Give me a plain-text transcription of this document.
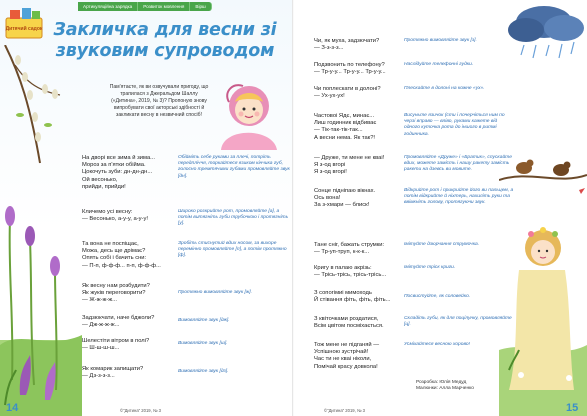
Артикуляційна зарядка	Розвиток мовлення	Вірш
Дитячий садок Закличка для весни зі звуковим супроводом
Пам'ятаєте, як ви озвучували пригоду, що трапилася з Джеральдом Шаллу («Дитина», 2019, № 3)? Пропоную знову випробувати свої акторські здібності й закликати весну в незвичний спосіб!
На дворі все зима й зима...
Мороз за п'ятки обійма.
Цокочуть зуби: дн-дн-дн...
Ой весонько,
прийди, прийди!
Обійміть себе руками за плечі, потріть передпліччя, торкайтеся язиком кінчика губ, голосно тремтячими губами промовляйте звук [дн].
Кличемо усі весну:
— Весонько, а-у-у, а-у-у!
Широко розкрийте рот, промовляйте [а], а потім витягніть губи трубочкою і протягніть [у].
Та вона не поспіщає,
Можа, десь ще дрімає?
Опять собі і бачить сни:
— П-п, ф-ф-ф... п-п, ф-ф-ф...
Зробіть стиснутий вдих носом, за вихоре перемінно промовляйте [п], а потім протяжно [ф].
Як весну нам розбудити?
Як жуків переговорити?
— Ж-ж-ж-ж...
Протяжно вимовляйте звук [ж].
Задзюкчати, наче бджоли?
— Дж-ж-ж-ж...
Вимовляйте звук [дж].
Шелестіти вітром в полі?
— Ш-ш-ш-ш...
Вимовляйте звук [ш].
Як комарик запищати?
— Дз-з-з-з...
Вимовляйте звук [дз].
©"Дитина" 2019, № 3
14
Чи, як муха, задзючати?
— З-з-з-з...
Протяжно вимовляйте звук [з].
Подзвонить по телефону?
— Тр-у-у... Тр-у-у... Тр-у-у...
Наслідуйте телефонні гудки.
Чи поплескати в долоні?
— Ух-ух-ух!
Плескайте в долоні на кожне «ух».
Частовоі Ядє, минає...
Лиш годинник відбиває
— Тік-так-тік-так...
А весни нема. Як так?!
Висуньте язичок (сти і почерчіться ним по черзі вправо — вліво, руками кажете від одного куточка рота до іншого в ритмі годинника.
— Друже, ти мене не кваі!
Я з-од вгорі
Я з-од вгорі!
Промовляйте «Друже» і «Братик», спускайте вдих, можете замість і нашу ракету замість ракети на дзевсь ви мовите.
Сонце підніпаю вікнах.
Ось вона!
За з-хмари — блиск!
Відкрийте рот і прикрийте його ви пальцем, а потім відкрийте й ніхтерь, нахиліть руки та ввімкніть голову, протягуючи звук.
Тане сніг, бажать струмки:
— Тр-уп-труп, к-к-к...
Імітуйте дзюрчання струмочка.
Кригу в палаю акрізь:
— Трісь-трісь, трісь-трісь...
Імітуйте тріск криги.
З сопогімиі мимоходь
Й стівання фіть, фіть, фіть...
Посвистуйте, як соловейко.
З квіточками роздатися,
Всім цвітом посміхається.
Складіть губи, як для поцілунку, промовляйте [ц].
Тож мене не підганяй —
Успішною зустрічай!
Час ти не кваі ніколи,
Помічай красу довкола!
Усміхайтеся весною хорово!
Розробка: Юлія Медуд
Малюнки: Алла Марченко
©"Дитина" 2019, № 3	15
